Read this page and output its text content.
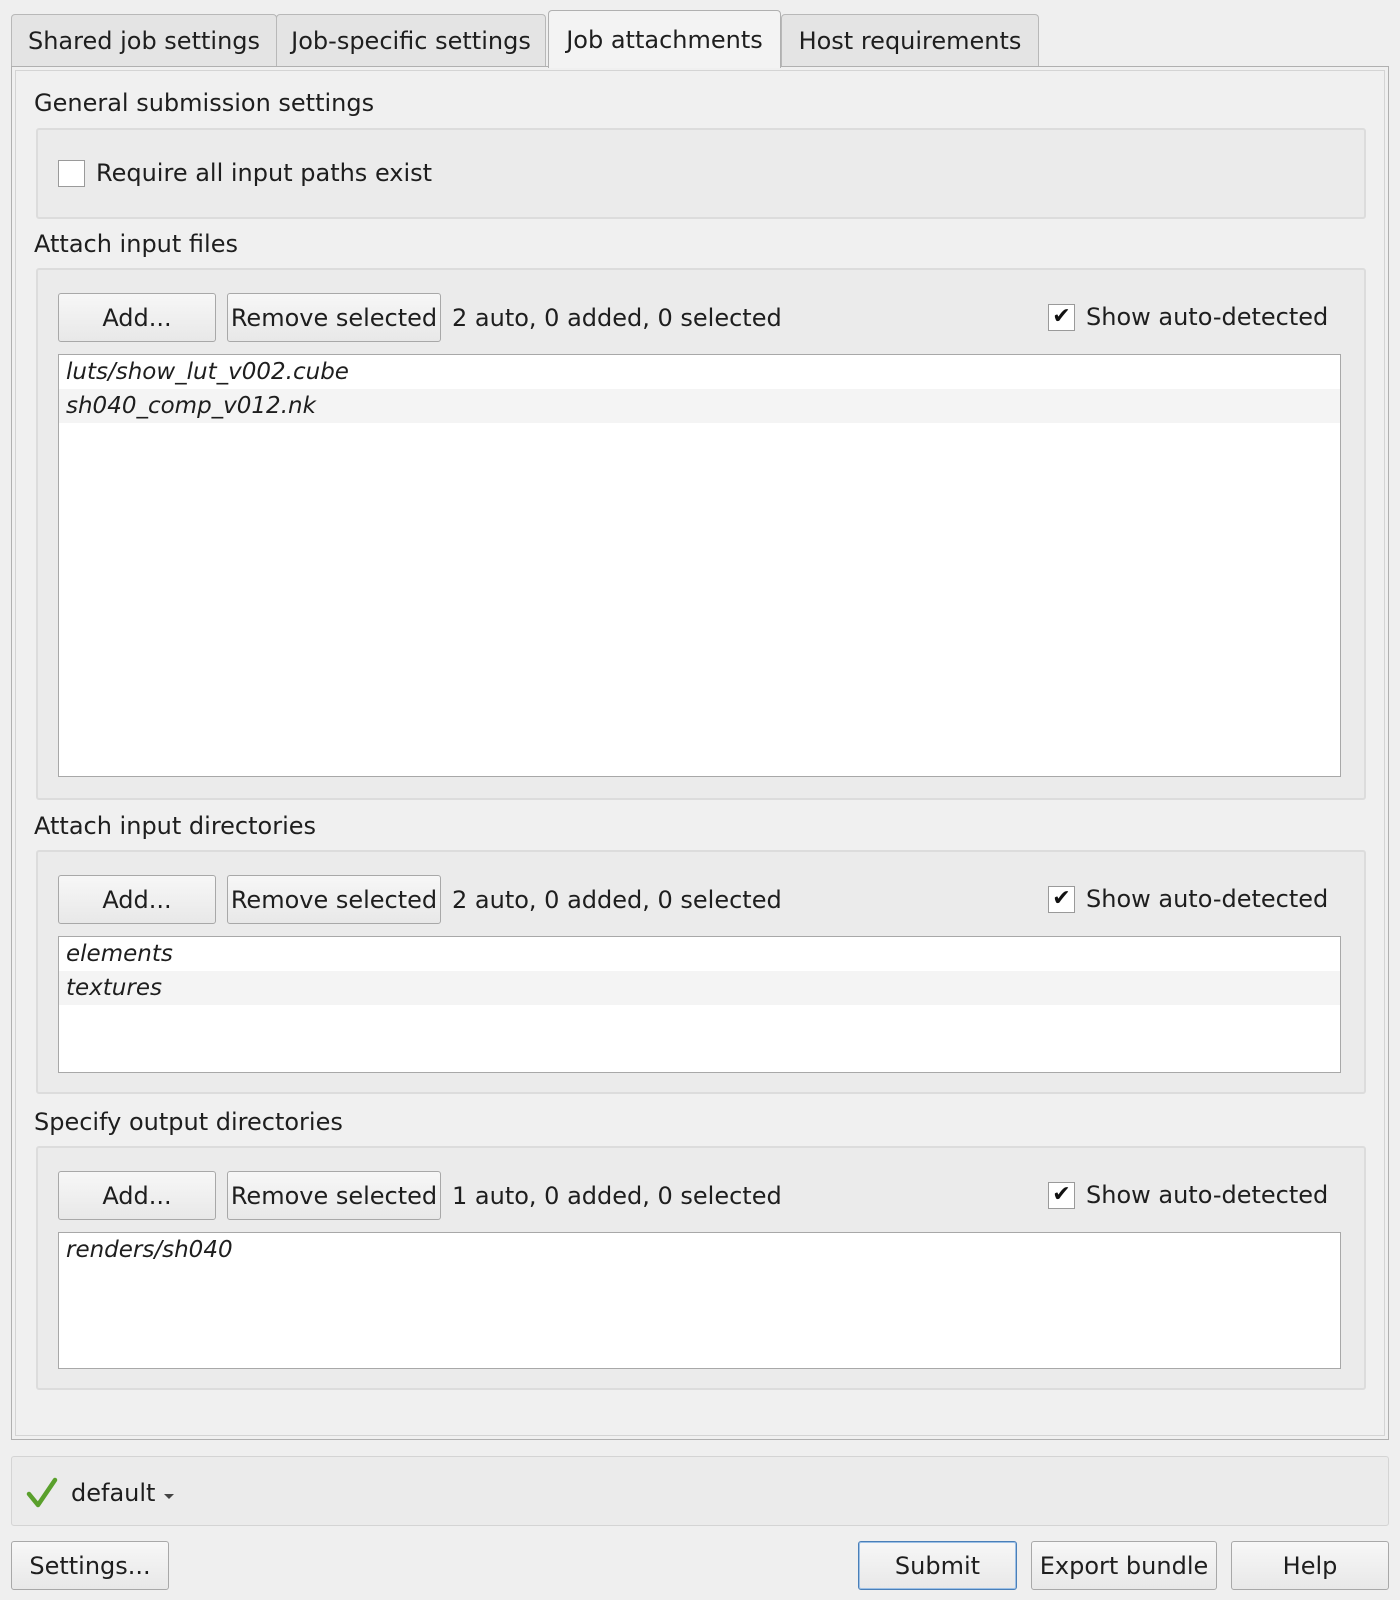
Shared job settings Job-specific settings Job attachments Host requirements
General submission settings
Require all input paths exist
Attach input files
Add...	Remove selected 2 auto, 0 added, 0 selected	✔ Show auto-detected
luts/show_lut_v002.cube
sh040_comp_v012.nk
Attach input directories
Add...	Remove selected 2 auto, 0 added, 0 selected	✔ Show auto-detected
elements
textures
Specify output directories
Add...	Remove selected 1 auto, 0 added, 0 selected	✔ Show auto-detected
renders/sh040
default
Settings...	Submit	Export bundle	Help
